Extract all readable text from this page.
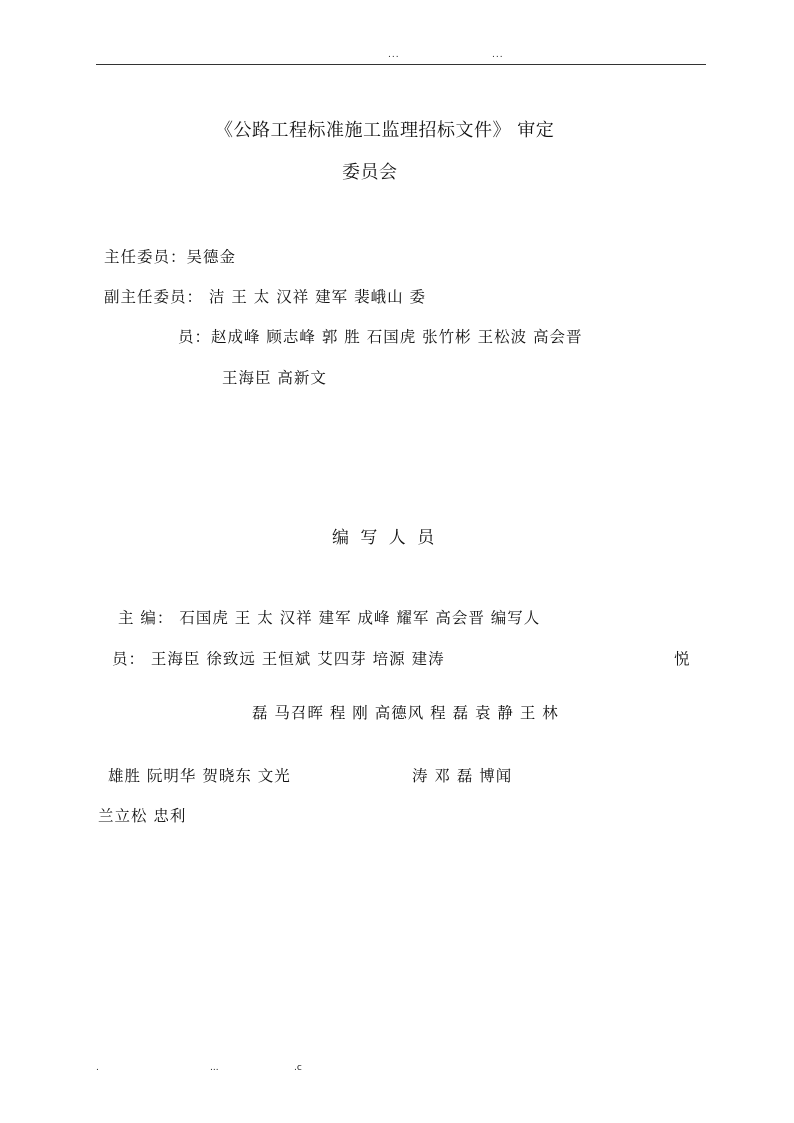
...	...
《公路工程标准施工监理招标文件》 审定
委员会
主任委员：吴德金
副主任委员： 洁 王 太 汉祥 建军 裴峨山 委
员：赵成峰 顾志峰 郭 胜 石国虎 张竹彬 王松波 高会晋
王海臣 高新文
编 写 人 员
主 编： 石国虎 王 太 汉祥 建军 成峰 耀军 高会晋 编写人
员： 王海臣 徐致远 王恒斌 艾四芽 培源 建涛	悦
磊 马召晖 程 刚 高德风 程 磊 袁 静 王 林
雄胜 阮明华 贺晓东 文光	涛 邓 磊 博闻
兰立松 忠利
.	...	.c
